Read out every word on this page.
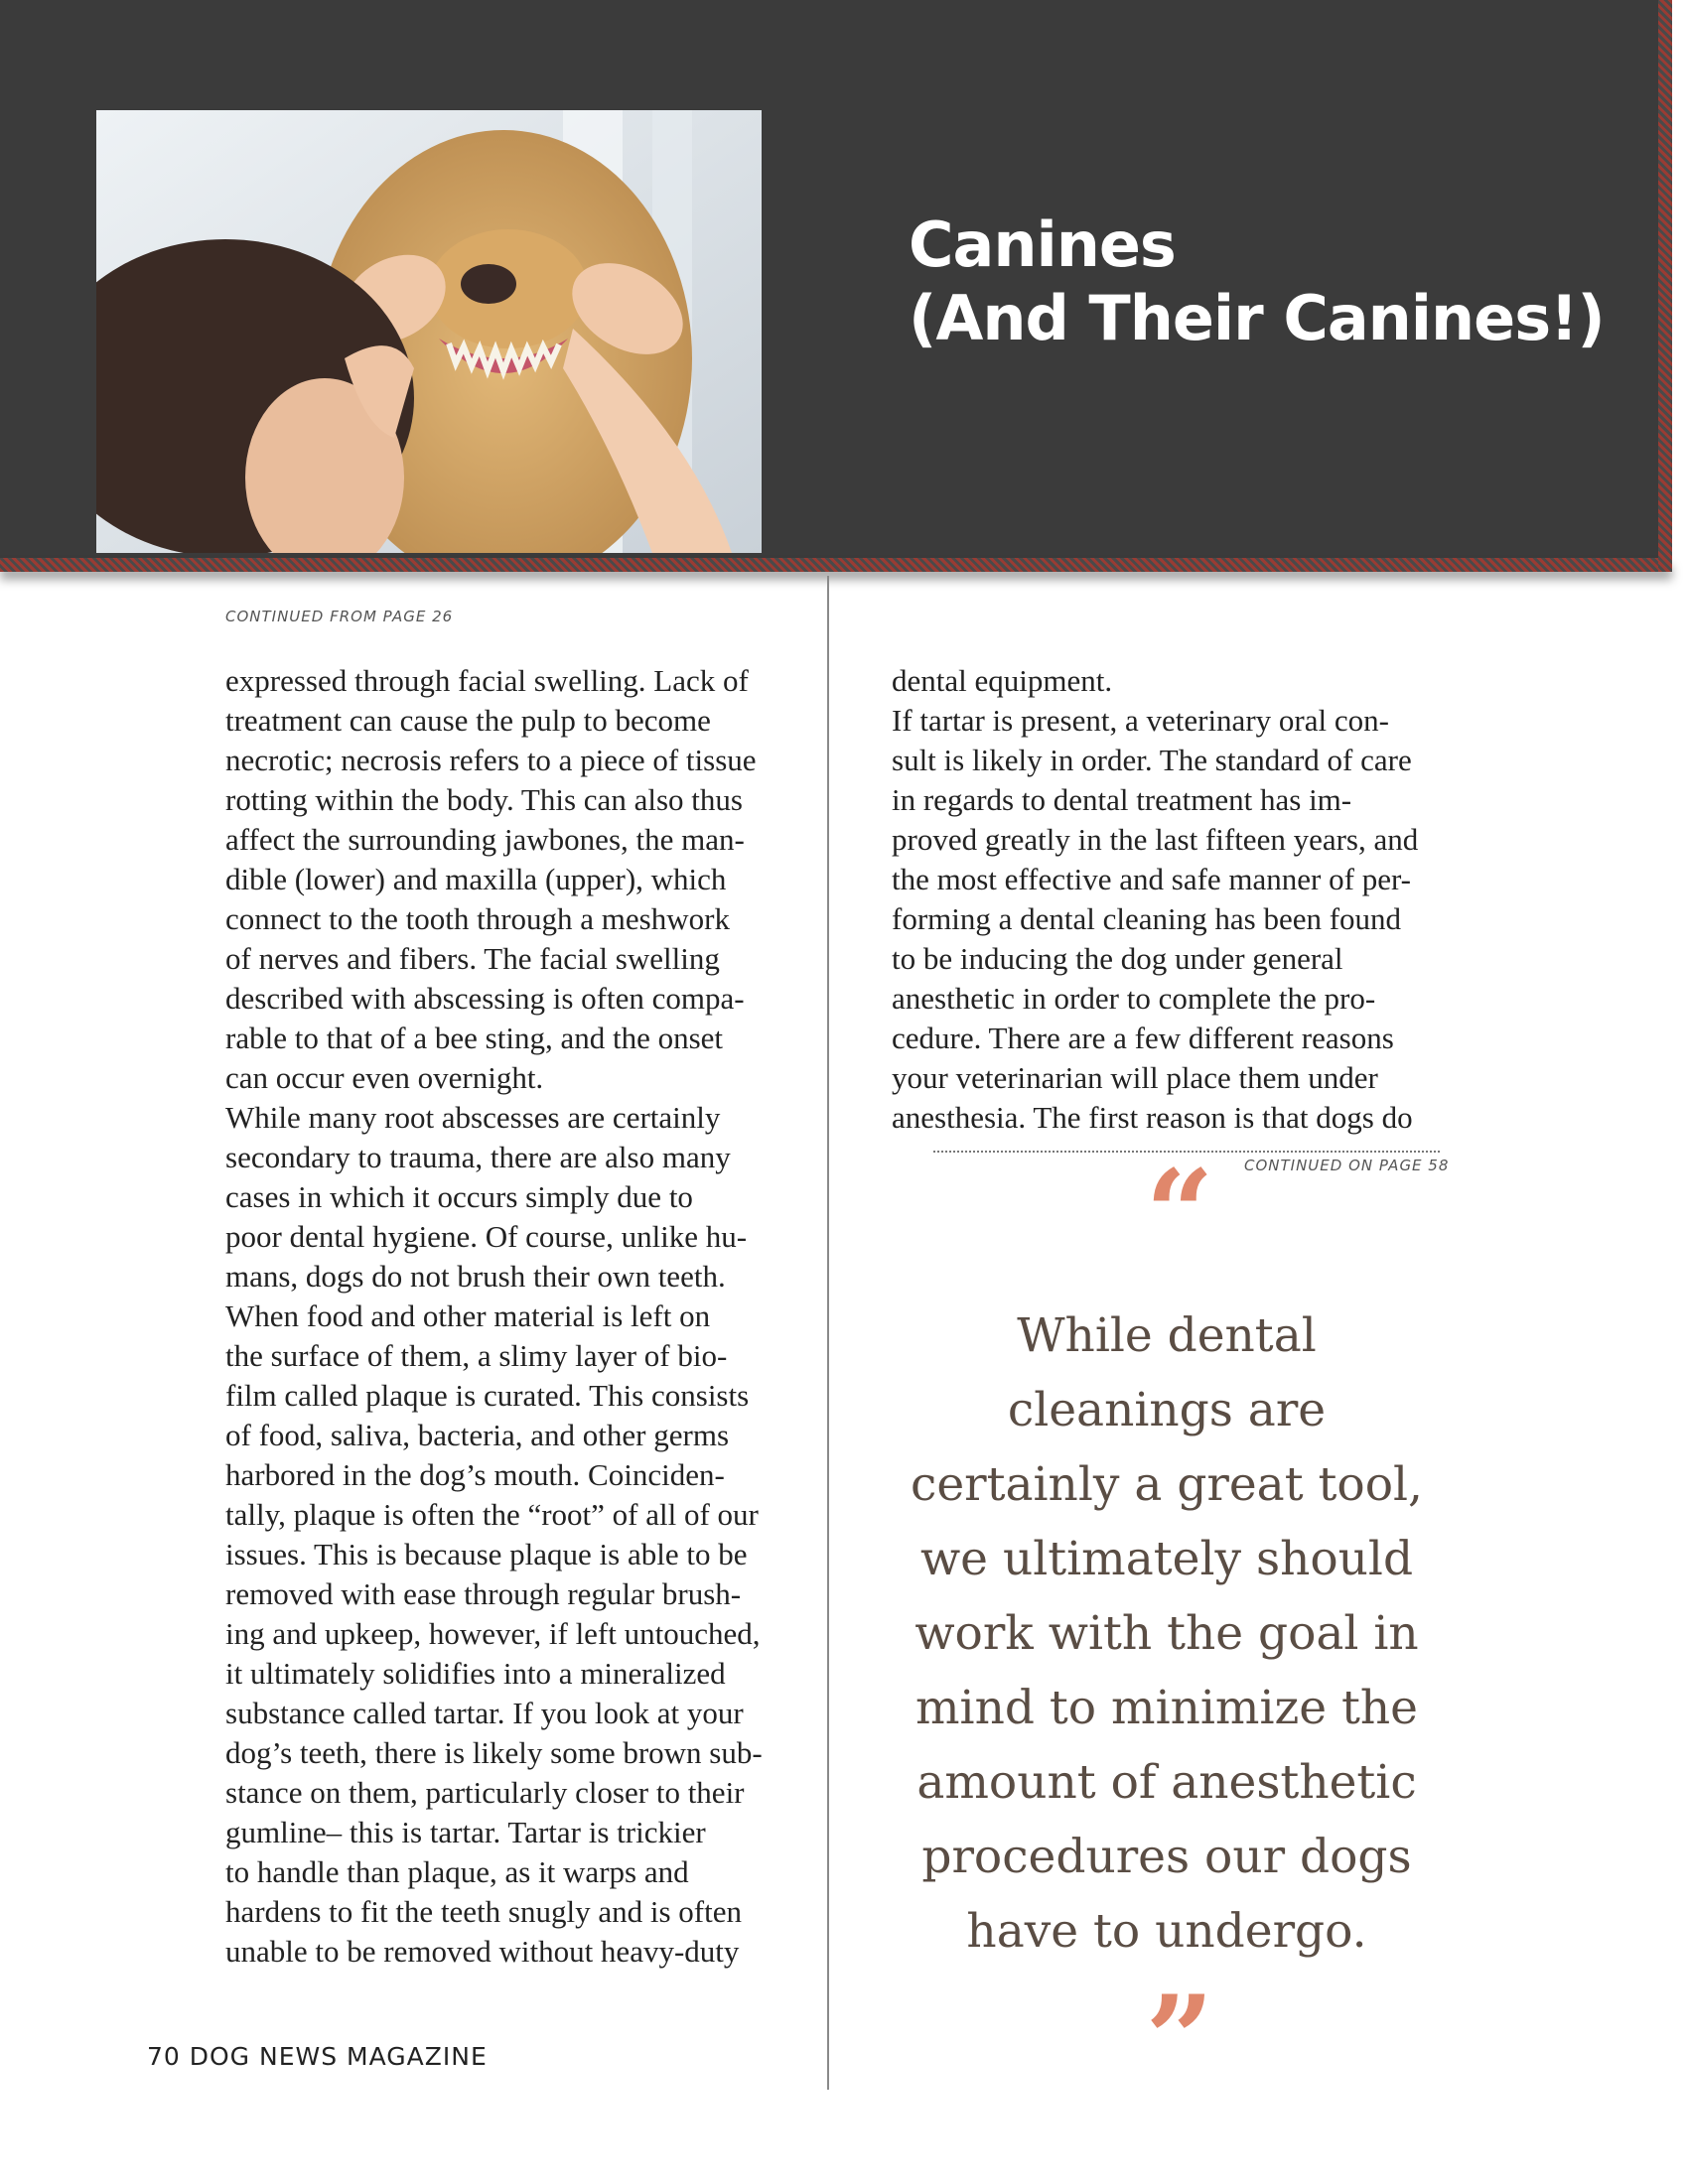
Canines
(And Their Canines!)
CONTINUED FROM PAGE 26
expressed through facial swelling. Lack of
treatment can cause the pulp to become
necrotic; necrosis refers to a piece of tissue
rotting within the body. This can also thus
affect the surrounding jawbones, the man-
dible (lower) and maxilla (upper), which
connect to the tooth through a meshwork
of nerves and fibers. The facial swelling
described with abscessing is often compa-
rable to that of a bee sting, and the onset
can occur even overnight.
While many root abscesses are certainly
secondary to trauma, there are also many
cases in which it occurs simply due to
poor dental hygiene. Of course, unlike hu-
mans, dogs do not brush their own teeth.
When food and other material is left on
the surface of them, a slimy layer of bio-
film called plaque is curated. This consists
of food, saliva, bacteria, and other germs
harbored in the dog’s mouth. Coinciden-
tally, plaque is often the “root” of all of our
issues. This is because plaque is able to be
removed with ease through regular brush-
ing and upkeep, however, if left untouched,
it ultimately solidifies into a mineralized
substance called tartar. If you look at your
dog’s teeth, there is likely some brown sub-
stance on them, particularly closer to their
gumline– this is tartar. Tartar is trickier
to handle than plaque, as it warps and
hardens to fit the teeth snugly and is often
unable to be removed without heavy-duty
dental equipment.
If tartar is present, a veterinary oral con-
sult is likely in order. The standard of care
in regards to dental treatment has im-
proved greatly in the last fifteen years, and
the most effective and safe manner of per-
forming a dental cleaning has been found
to be inducing the dog under general
anesthetic in order to complete the pro-
cedure. There are a few different reasons
your veterinarian will place them under
anesthesia. The first reason is that dogs do
CONTINUED ON PAGE 58
“
While dental
cleanings are
certainly a great tool,
we ultimately should
work with the goal in
mind to minimize the
amount of anesthetic
procedures our dogs
have to undergo.
”
70 DOG NEWS MAGAZINE
